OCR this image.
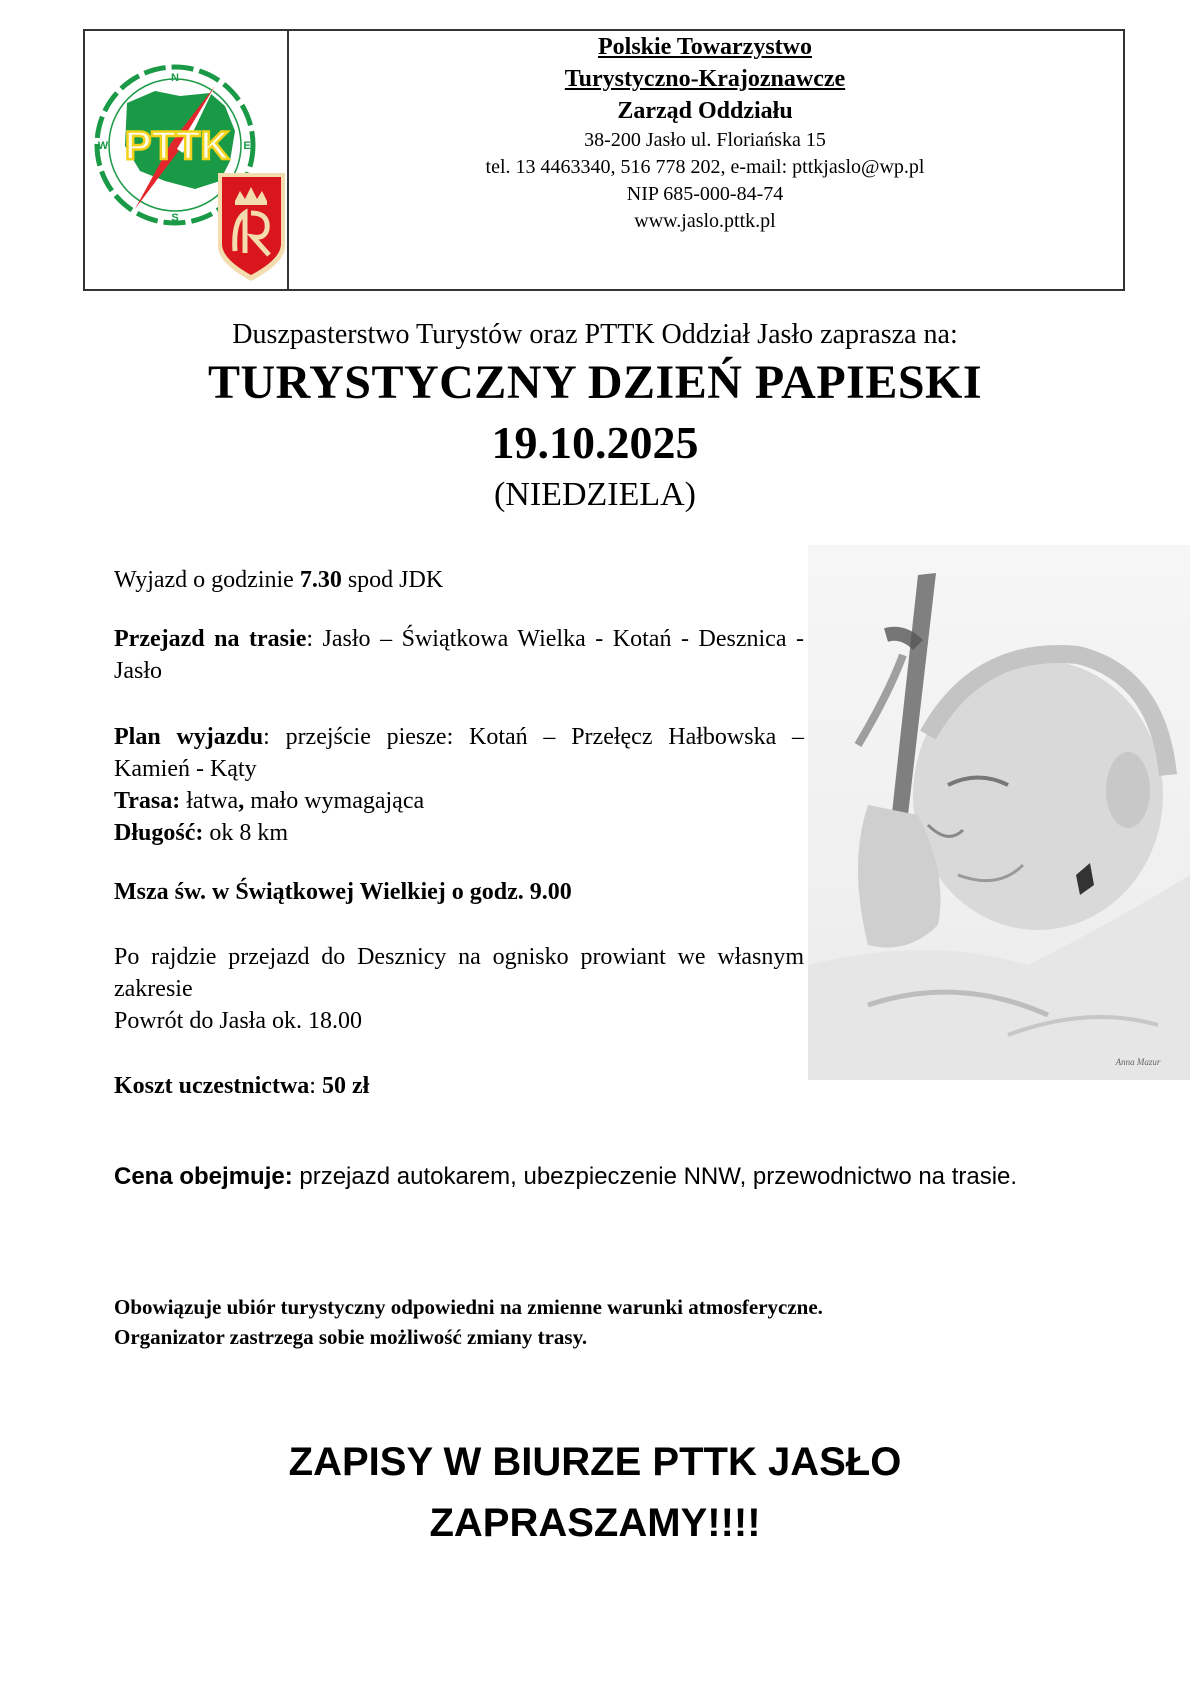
N
E
S
W PTTK
Polskie Towarzystwo
Turystyczno-Krajoznawcze
Zarząd Oddziału
38-200 Jasło ul. Floriańska 15
tel. 13 4463340, 516 778 202, e-mail: pttkjaslo@wp.pl
NIP 685-000-84-74
www.jaslo.pttk.pl
Duszpasterstwo Turystów oraz PTTK Oddział Jasło zaprasza na:
TURYSTYCZNY DZIEŃ PAPIESKI
19.10.2025
(NIEDZIELA)
Wyjazd o godzinie 7.30 spod JDK
Przejazd na trasie: Jasło – Świątkowa Wielka - Kotań - Desznica - Jasło
Plan wyjazdu: przejście piesze: Kotań – Przełęcz Hałbowska – Kamień - Kąty
Trasa: łatwa, mało wymagająca
Długość: ok 8 km
Msza św. w Świątkowej Wielkiej o godz. 9.00
Po rajdzie przejazd do Desznicy na ognisko prowiant we własnym zakresie
Powrót do Jasła ok. 18.00
Koszt uczestnictwa: 50 zł
Anna Mazur
Cena obejmuje: przejazd autokarem, ubezpieczenie NNW, przewodnictwo na trasie.
Obowiązuje ubiór turystyczny odpowiedni na zmienne warunki atmosferyczne.
Organizator zastrzega sobie możliwość zmiany trasy.
ZAPISY W BIURZE PTTK JASŁO
ZAPRASZAMY!!!!
